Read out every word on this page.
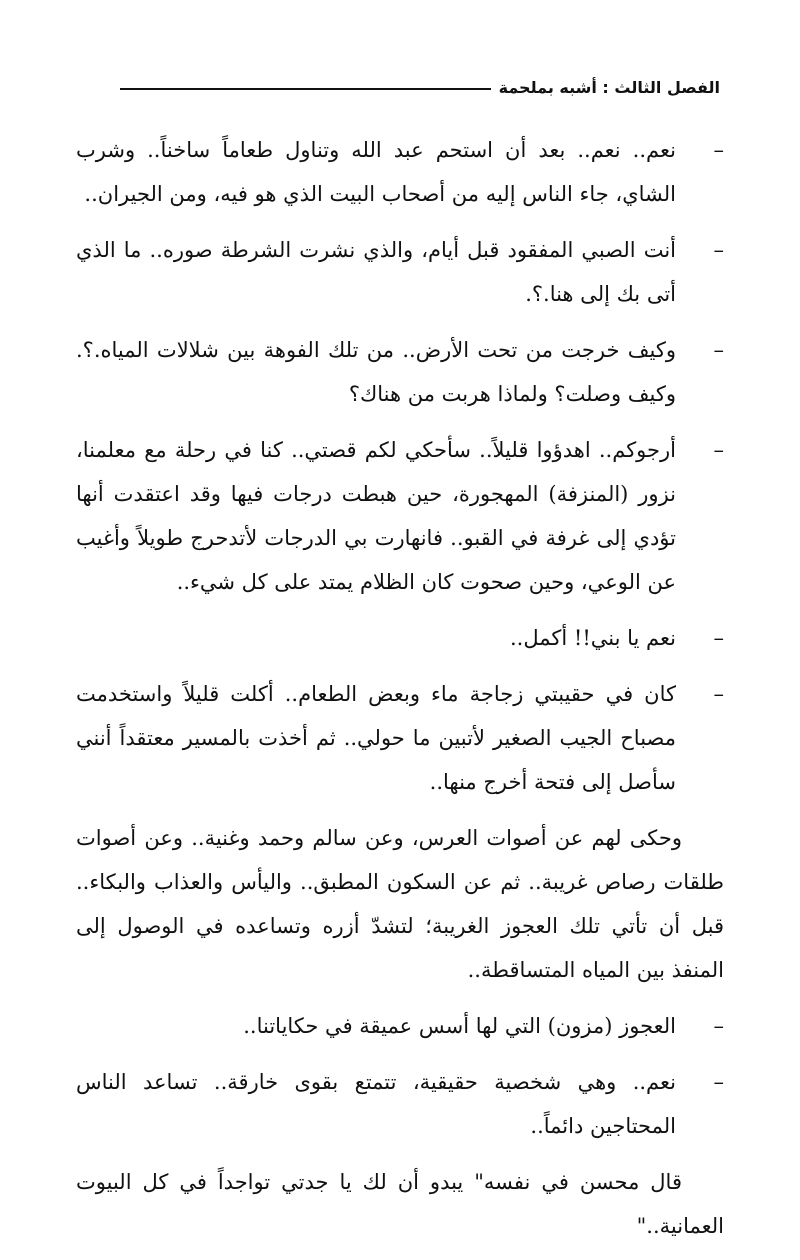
الفصل الثالث : أشبه بملحمة
–
نعم.. نعم.. بعد أن استحم عبد الله وتناول طعاماً ساخناً.. وشرب الشاي، جاء الناس إليه من أصحاب البيت الذي هو فيه، ومن الجيران..
–
أنت الصبي المفقود قبل أيام، والذي نشرت الشرطة صوره.. ما الذي أتى بك إلى هنا.؟.
–
وكيف خرجت من تحت الأرض.. من تلك الفوهة بين شلالات المياه.؟. وكيف وصلت؟ ولماذا هربت من هناك؟
–
أرجوكم.. اهدؤوا قليلاً.. سأحكي لكم قصتي.. كنا في رحلة مع معلمنا، نزور (المنزفة) المهجورة، حين هبطت درجات فيها وقد اعتقدت أنها تؤدي إلى غرفة في القبو.. فانهارت بي الدرجات لأتدحرج طويلاً وأغيب عن الوعي، وحين صحوت كان الظلام يمتد على كل شيء..
–
نعم يا بني!! أكمل..
–
كان في حقيبتي زجاجة ماء وبعض الطعام.. أكلت قليلاً واستخدمت مصباح الجيب الصغير لأتبين ما حولي.. ثم أخذت بالمسير معتقداً أنني سأصل إلى فتحة أخرج منها..
وحكى لهم عن أصوات العرس، وعن سالم وحمد وغنية.. وعن أصوات طلقات رصاص غريبة.. ثم عن السكون المطبق.. واليأس والعذاب والبكاء.. قبل أن تأتي تلك العجوز الغريبة؛ لتشدّ أزره وتساعده في الوصول إلى المنفذ بين المياه المتساقطة..
–
العجوز (مزون) التي لها أسس عميقة في حكاياتنا..
–
نعم.. وهي شخصية حقيقية، تتمتع بقوى خارقة.. تساعد الناس المحتاجين دائماً..
قال محسن في نفسه" يبدو أن لك يا جدتي تواجداً في كل البيوت العمانية.."
